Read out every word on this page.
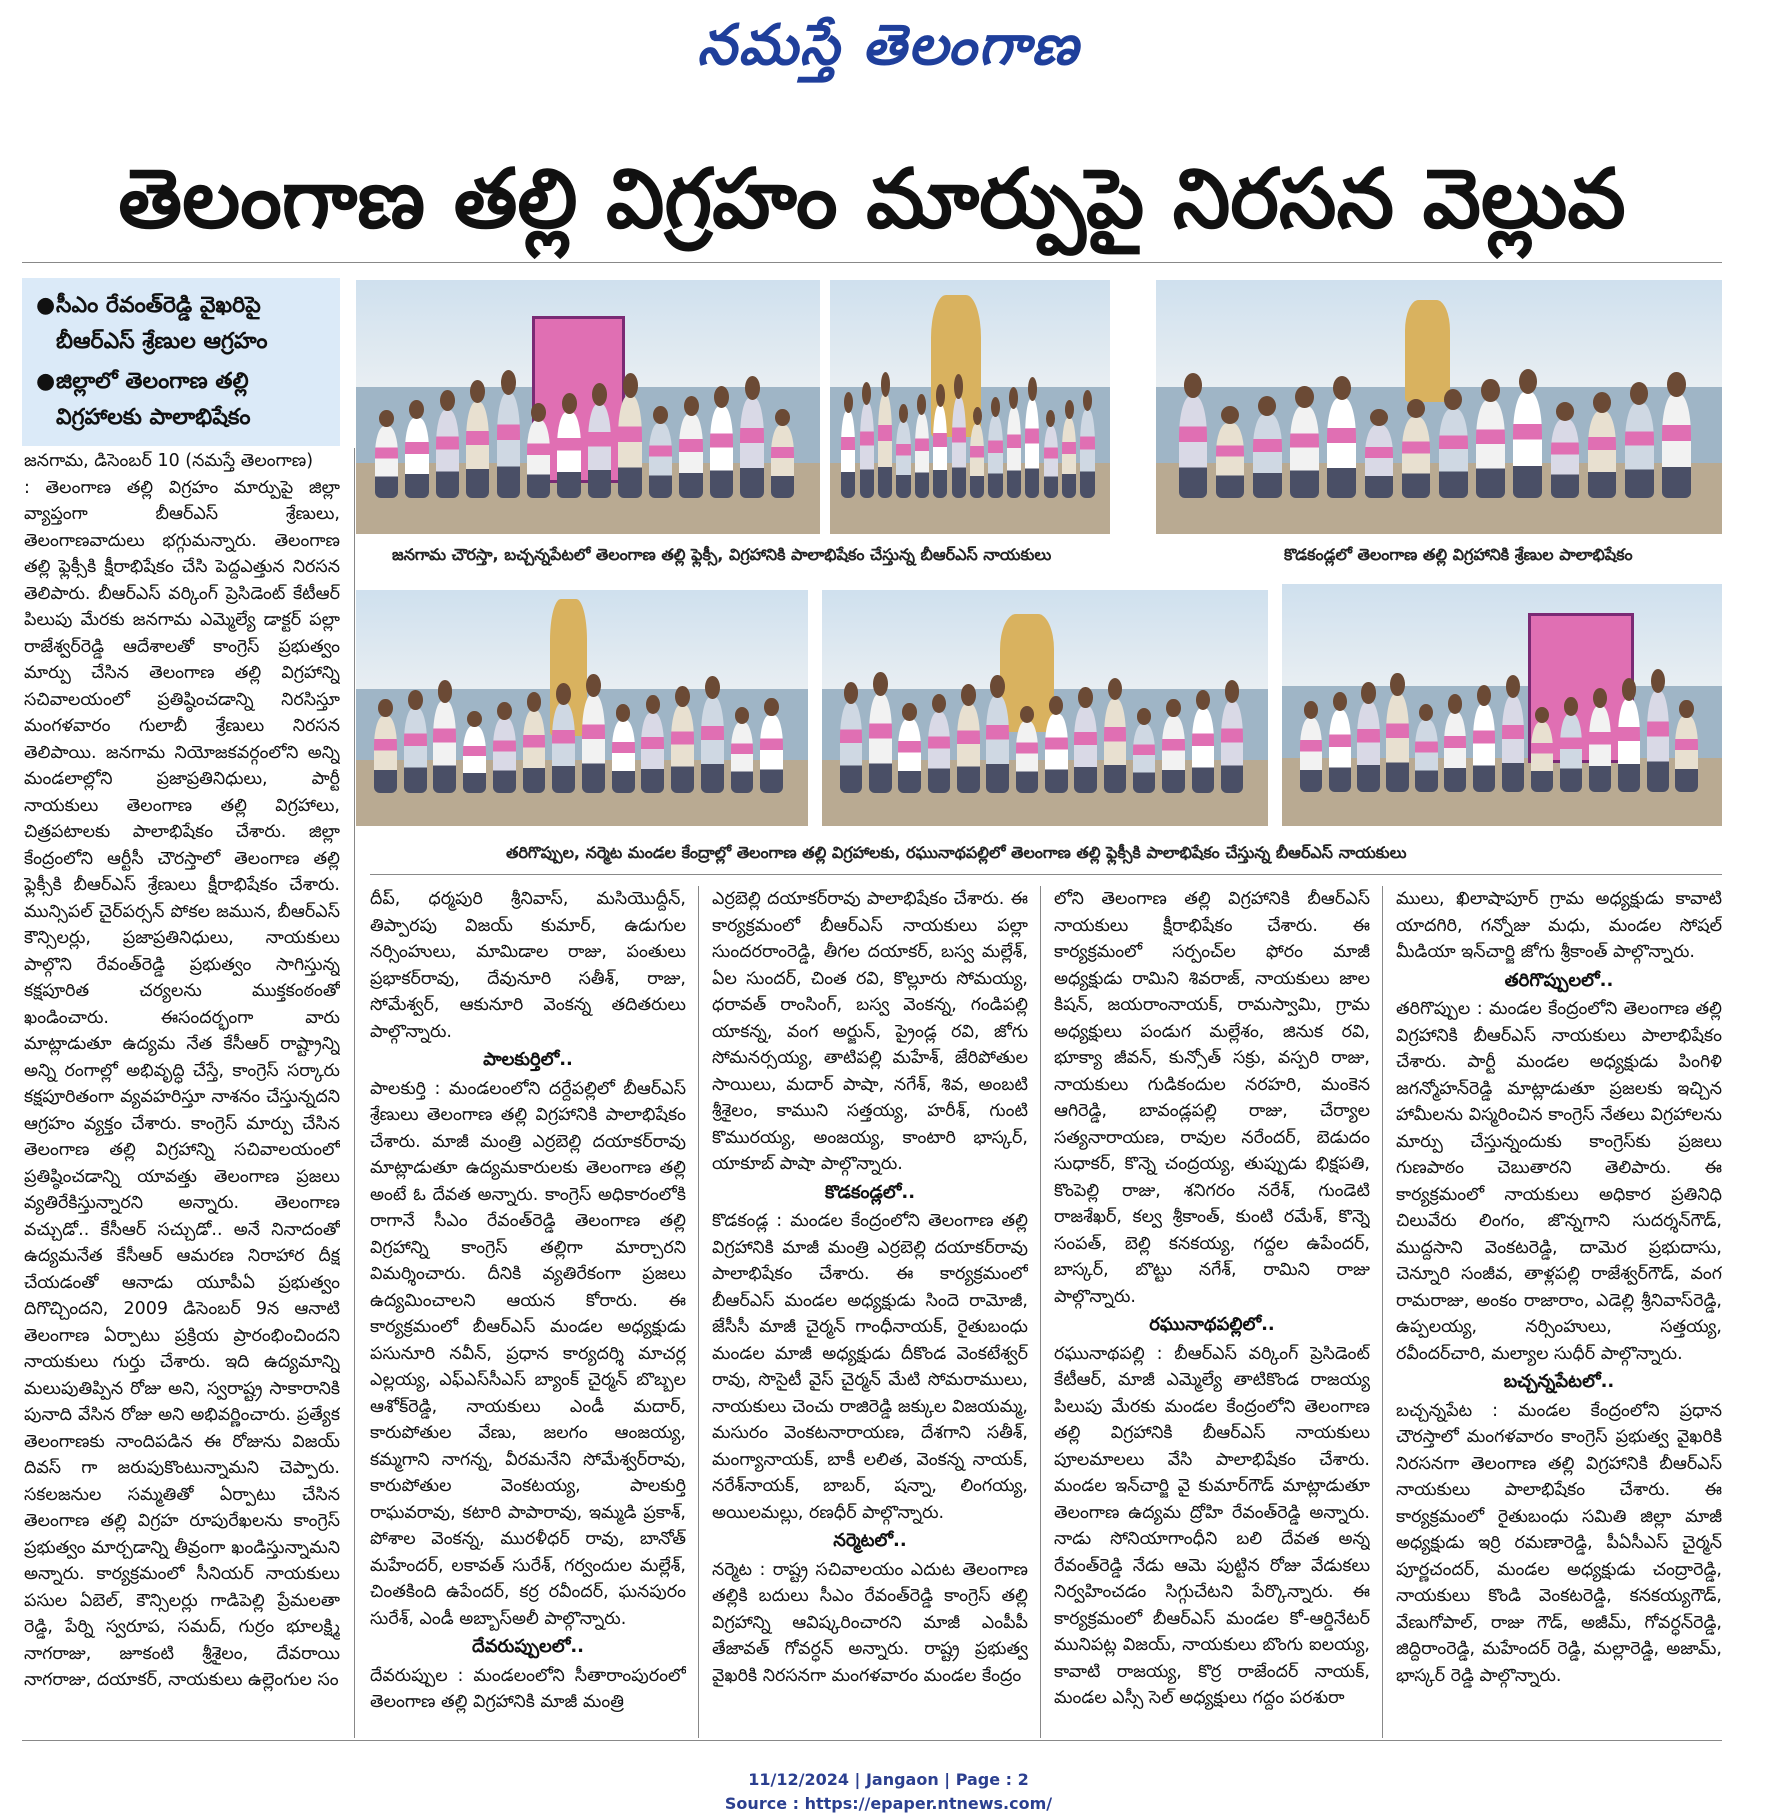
నమస్తే తెలంగాణ
తెలంగాణ తల్లి విగ్రహం మార్పుపై నిరసన వెల్లువ
● సీఎం రేవంత్‌రెడ్డి వైఖరిపై బీఆర్‌ఎస్ శ్రేణుల ఆగ్రహం
● జిల్లాలో తెలంగాణ తల్లి విగ్రహాలకు పాలాభిషేకం
జనగామ చౌరస్తా, బచ్చన్నపేటలో తెలంగాణ తల్లి ఫ్లెక్సీ, విగ్రహానికి పాలాభిషేకం చేస్తున్న బీఆర్‌ఎస్ నాయకులు	కొడకండ్లలో తెలంగాణ తల్లి విగ్రహానికి శ్రేణుల పాలాభిషేకం
తరిగొప్పుల, నర్మెట మండల కేంద్రాల్లో తెలంగాణ తల్లి విగ్రహాలకు, రఘునాథపల్లిలో తెలంగాణ తల్లి ఫ్లెక్సీకి పాలాభిషేకం చేస్తున్న బీఆర్‌ఎస్ నాయకులు
జనగామ, డిసెంబర్ 10 (నమస్తే తెలంగాణ)

: తెలంగాణ తల్లి విగ్రహం మార్పుపై జిల్లా వ్యాప్తంగా బీఆర్‌ఎస్ శ్రేణులు, తెలంగాణవాదులు భగ్గుమన్నారు. తెలంగాణ తల్లి ఫ్లెక్సీకి క్షీరాభిషేకం చేసి పెద్దఎత్తున నిరసన తెలిపారు. బీఆర్‌ఎస్ వర్కింగ్ ప్రెసిడెంట్ కేటీఆర్ పిలుపు మేరకు జనగామ ఎమ్మెల్యే డాక్టర్ పల్లా రాజేశ్వర్‌రెడ్డి ఆదేశాలతో కాంగ్రెస్ ప్రభుత్వం మార్పు చేసిన తెలంగాణ తల్లి విగ్రహాన్ని సచివాలయంలో ప్రతిష్ఠించడాన్ని నిరసిస్తూ మంగళవారం గులాబీ శ్రేణులు నిరసన తెలిపాయి. జనగామ నియోజకవర్గంలోని అన్ని మండలాల్లోని ప్రజాప్రతినిధులు, పార్టీ నాయకులు తెలంగాణ తల్లి విగ్రహాలు, చిత్రపటాలకు పాలాభిషేకం చేశారు. జిల్లా కేంద్రంలోని ఆర్టీసీ చౌరస్తాలో తెలంగాణ తల్లి ఫ్లెక్సీకి బీఆర్‌ఎస్ శ్రేణులు క్షీరాభిషేకం చేశారు. మున్సిపల్ చైర్‌పర్సన్ పోకల జమున, బీఆర్‌ఎస్ కౌన్సిలర్లు, ప్రజాప్రతినిధులు, నాయకులు పాల్గొని రేవంత్‌రెడ్డి ప్రభుత్వం సాగిస్తున్న కక్షపూరిత చర్యలను ముక్తకంఠంతో ఖండించారు. ఈసందర్భంగా వారు మాట్లాడుతూ ఉద్యమ నేత కేసీఆర్ రాష్ట్రాన్ని అన్ని రంగాల్లో అభివృద్ధి చేస్తే, కాంగ్రెస్ సర్కారు కక్షపూరితంగా వ్యవహరిస్తూ నాశనం చేస్తున్నదని ఆగ్రహం వ్యక్తం చేశారు. కాంగ్రెస్ మార్పు చేసిన తెలంగాణ తల్లి విగ్రహాన్ని సచివాలయంలో ప్రతిష్ఠించడాన్ని యావత్తు తెలంగాణ ప్రజలు వ్యతిరేకిస్తున్నారని అన్నారు. తెలంగాణ వచ్చుడో.. కేసీఆర్ సచ్చుడో.. అనే నినాదంతో ఉద్యమనేత కేసీఆర్ ఆమరణ నిరాహార దీక్ష చేయడంతో ఆనాడు యూపీఏ ప్రభుత్వం దిగొచ్చిందని, 2009 డిసెంబర్ 9న ఆనాటి తెలంగాణ ఏర్పాటు ప్రక్రియ ప్రారంభించిందని నాయకులు గుర్తు చేశారు. ఇది ఉద్యమాన్ని మలుపుతిప్పిన రోజు అని, స్వరాష్ట్ర సాకారానికి పునాది వేసిన రోజు అని అభివర్ణించారు. ప్రత్యేక తెలంగాణకు నాందిపడిన ఈ రోజును విజయ్ దివస్ గా జరుపుకొంటున్నామని చెప్పారు. సకలజనుల సమ్మతితో ఏర్పాటు చేసిన తెలంగాణ తల్లి విగ్రహ రూపురేఖలను కాంగ్రెస్ ప్రభుత్వం మార్చడాన్ని తీవ్రంగా ఖండిస్తున్నామని అన్నారు. కార్యక్రమంలో సీనియర్ నాయకులు పసుల ఏబెల్, కౌన్సిలర్లు గాడిపెల్లి ప్రేమలతా రెడ్డి, పేర్ని స్వరూప, సమద్, గుర్రం భూలక్ష్మి నాగరాజు, జూకంటి శ్రీశైలం, దేవరాయి నాగరాజు, దయాకర్, నాయకులు ఉల్లెంగుల సం

దీప్, ధర్మపురి శ్రీనివాస్, మసియొద్దీన్, తిప్పారపు విజయ్ కుమార్, ఉడుగుల నర్సింహులు, మామిడాల రాజు, పంతులు ప్రభాకర్‌రావు, దేవునూరి సతీశ్, రాజు, సోమేశ్వర్, ఆకునూరి వెంకన్న తదితరులు పాల్గొన్నారు.

పాలకుర్తిలో..

పాలకుర్తి : మండలంలోని దర్దేపల్లిలో బీఆర్‌ఎస్ శ్రేణులు తెలంగాణ తల్లి విగ్రహానికి పాలాభిషేకం చేశారు. మాజీ మంత్రి ఎర్రబెల్లి దయాకర్‌రావు మాట్లాడుతూ ఉద్యమకారులకు తెలంగాణ తల్లి అంటే ఓ దేవత అన్నారు. కాంగ్రెస్ అధికారంలోకి రాగానే సీఎం రేవంత్‌రెడ్డి తెలంగాణ తల్లి విగ్రహాన్ని కాంగ్రెస్ తల్లిగా మార్చారని విమర్శించారు. దీనికి వ్యతిరేకంగా ప్రజలు ఉద్యమించాలని ఆయన కోరారు. ఈ కార్యక్రమంలో బీఆర్‌ఎస్ మండల అధ్యక్షుడు పసునూరి నవీన్, ప్రధాన కార్యదర్శి మాచర్ల ఎల్లయ్య, ఎఫ్‌ఎస్‌సీఎస్ బ్యాంక్ చైర్మన్ బొబ్బల ఆశోక్‌రెడ్డి, నాయకులు ఎండీ మదార్, కారుపోతుల వేణు, జలగం ఆంజయ్య, కమ్మగాని నాగన్న, వీరమనేని సోమేశ్వర్‌రావు, కారుపోతుల వెంకటయ్య, పాలకుర్తి రాఘవరావు, కటారి పాపారావు, ఇమ్మడి ప్రకాశ్, పోశాల వెంకన్న, మురళీధర్ రావు, బానోత్ మహేందర్, లకావత్ సురేశ్, గర్వందుల మల్లేశ్, చింతకింది ఉపేందర్, కర్ర రవీందర్, ఘనపురం సురేశ్, ఎండీ అబ్బాస్‌అలీ పాల్గొన్నారు.

దేవరుప్పులలో..

దేవరుప్పుల : మండలంలోని సీతారాంపురంలో తెలంగాణ తల్లి విగ్రహానికి మాజీ మంత్రి

ఎర్రబెల్లి దయాకర్‌రావు పాలాభిషేకం చేశారు. ఈ కార్యక్రమంలో బీఆర్‌ఎస్ నాయకులు పల్లా సుందరరాంరెడ్డి, తీగల దయాకర్, బస్వ మల్లేశ్, ఏల సుందర్, చింత రవి, కొల్లూరు సోమయ్య, ధరావత్ రాంసింగ్, బస్వ వెంకన్న, గండిపల్లి యాకన్న, వంగ అర్జున్, ప్రైండ్ల రవి, జోగు సోమనర్సయ్య, తాటిపల్లి మహేశ్, జేరిపోతుల సాయిలు, మదార్ పాషా, నగేశ్, శివ, అంబటి శ్రీశైలం, కాముని సత్తయ్య, హరీశ్, గుంటి కొమురయ్య, అంజయ్య, కాంటారి భాస్కర్, యాకూబ్ పాషా పాల్గొన్నారు.

కొడకండ్లలో..

కొడకండ్ల : మండల కేంద్రంలోని తెలంగాణ తల్లి విగ్రహానికి మాజీ మంత్రి ఎర్రబెల్లి దయాకర్‌రావు పాలాభిషేకం చేశారు. ఈ కార్యక్రమంలో బీఆర్‌ఎస్ మండల అధ్యక్షుడు సిందె రామోజీ, జేసీసీ మాజీ చైర్మన్ గాంధీనాయక్, రైతుబంధు మండల మాజీ అధ్యక్షుడు దీకొండ వెంకటేశ్వర్ రావు, సొసైటీ వైస్ చైర్మన్ మేటి సోమరాములు, నాయకులు చెంచు రాజిరెడ్డి జక్కుల విజయమ్మ, మసురం వెంకటనారాయణ, దేశగాని సతీశ్, మంగ్యానాయక్, బాకీ లలిత, వెంకన్న నాయక్, నరేశ్‌నాయక్, బాబర్, షన్నా, లింగయ్య, అయిలమల్లు, రణధీర్ పాల్గొన్నారు.

నర్మెటలో..

నర్మెట : రాష్ట్ర సచివాలయం ఎదుట తెలంగాణ తల్లికి బదులు సీఎం రేవంత్‌రెడ్డి కాంగ్రెస్ తల్లి విగ్రహాన్ని ఆవిష్కరించారని మాజీ ఎంపీపీ తేజావత్ గోవర్ధన్ అన్నారు. రాష్ట్ర ప్రభుత్వ వైఖరికి నిరసనగా మంగళవారం మండల కేంద్రం

లోని తెలంగాణ తల్లి విగ్రహానికి బీఆర్‌ఎస్ నాయకులు క్షీరాభిషేకం చేశారు. ఈ కార్యక్రమంలో సర్పంచ్‌ల ఫోరం మాజీ అధ్యక్షుడు రామిని శివరాజ్, నాయకులు జాల కిషన్, జయరాంనాయక్, రామస్వామి, గ్రామ అధ్యక్షులు పండుగ మల్లేశం, జినుక రవి, భూక్యా జీవన్, కున్సోత్ సక్రు, వస్పరి రాజు, నాయకులు గుడికందుల నరహరి, మంకెన ఆగిరెడ్డి, బావండ్లపల్లి రాజు, చేర్యాల సత్యనారాయణ, రావుల నరేందర్, బెడుదం సుధాకర్, కొన్నె చంద్రయ్య, తుప్పుడు భిక్షపతి, కొంపెల్లి రాజు, శనిగరం నరేశ్, గుండెటి రాజశేఖర్, కల్వ శ్రీకాంత్, కుంటి రమేశ్, కొన్నె సంపత్, బెల్లి కనకయ్య, గద్దల ఉపేందర్, బాస్కర్, బొట్టు నగేశ్, రామిని రాజు పాల్గొన్నారు.

రఘునాథపల్లిలో..

రఘునాథపల్లి : బీఆర్‌ఎస్ వర్కింగ్ ప్రెసిడెంట్ కేటీఆర్, మాజీ ఎమ్మెల్యే తాటికొండ రాజయ్య పిలుపు మేరకు మండల కేంద్రంలోని తెలంగాణ తల్లి విగ్రహానికి బీఆర్‌ఎస్ నాయకులు పూలమాలలు వేసి పాలాభిషేకం చేశారు. మండల ఇన్‌చార్జి వై కుమార్‌గౌడ్ మాట్లాడుతూ తెలంగాణ ఉద్యమ ద్రోహి రేవంత్‌రెడ్డి అన్నారు. నాడు సోనియాగాంధీని బలి దేవత అన్న రేవంత్‌రెడ్డి నేడు ఆమె పుట్టిన రోజు వేడుకలు నిర్వహించడం సిగ్గుచేటని పేర్కొన్నారు. ఈ కార్యక్రమంలో బీఆర్‌ఎస్ మండల కో-ఆర్డినేటర్ మునిపట్ల విజయ్, నాయకులు బొంగు ఐలయ్య, కావాటి రాజయ్య, కొర్ర రాజేందర్ నాయక్, మండల ఎస్సీ సెల్ అధ్యక్షులు గద్దం పరశురా

ములు, ఖిలాషాపూర్ గ్రామ అధ్యక్షుడు కావాటి యాదగిరి, గన్నోజు మధు, మండల సోషల్ మీడియా ఇన్‌చార్జి జోగు శ్రీకాంత్ పాల్గొన్నారు.

తరిగొప్పులలో..

తరిగొప్పుల : మండల కేంద్రంలోని తెలంగాణ తల్లి విగ్రహానికి బీఆర్‌ఎస్ నాయకులు పాలాభిషేకం చేశారు. పార్టీ మండల అధ్యక్షుడు పింగిళి జగన్మోహన్‌రెడ్డి మాట్లాడుతూ ప్రజలకు ఇచ్చిన హామీలను విస్మరించిన కాంగ్రెస్ నేతలు విగ్రహాలను మార్పు చేస్తున్నందుకు కాంగ్రెస్‌కు ప్రజలు గుణపాఠం చెబుతారని తెలిపారు. ఈ కార్యక్రమంలో నాయకులు అధికార ప్రతినిధి చిలువేరు లింగం, జొన్నగాని సుదర్శన్‌గౌడ్, ముద్దసాని వెంకటరెడ్డి, దామెర ప్రభుదాసు, చెన్నూరి సంజీవ, తాళ్లపల్లి రాజేశ్వర్‌గౌడ్, వంగ రామరాజు, అంకం రాజారాం, ఎడెల్లి శ్రీనివాస్‌రెడ్డి, ఉప్పలయ్య, నర్సింహులు, సత్తయ్య, రవీందర్‌చారి, మల్యాల సుధీర్ పాల్గొన్నారు.

బచ్చన్నపేటలో..

బచ్చన్నపేట : మండల కేంద్రంలోని ప్రధాన చౌరస్తాలో మంగళవారం కాంగ్రెస్ ప్రభుత్వ వైఖరికి నిరసనగా తెలంగాణ తల్లి విగ్రహానికి బీఆర్‌ఎస్ నాయకులు పాలాభిషేకం చేశారు. ఈ కార్యక్రమంలో రైతుబంధు సమితి జిల్లా మాజీ అధ్యక్షుడు ఇర్రి రమణారెడ్డి, పీఏసీఎస్ చైర్మన్ పూర్ణచందర్, మండల అధ్యక్షుడు చంద్రారెడ్డి, నాయకులు కొండి వెంకటరెడ్డి, కనకయ్యగౌడ్, వేణుగోపాల్, రాజు గౌడ్, అజీమ్, గోవర్ధన్‌రెడ్డి, జిద్దిరాంరెడ్డి, మహేందర్ రెడ్డి, మల్లారెడ్డి, అజామ్, భాస్కర్ రెడ్డి పాల్గొన్నారు.

11/12/2024 | Jangaon | Page : 2
Source : https://epaper.ntnews.com/
